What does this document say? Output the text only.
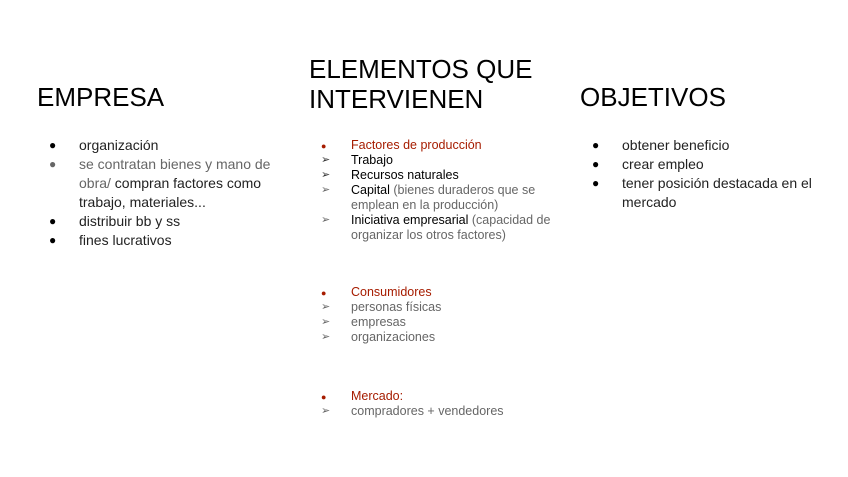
EMPRESA
● organización
● se contratan bienes y mano de obra/ compran factores como trabajo, materiales...
● distribuir bb y ss
● fines lucrativos
ELEMENTOS QUE
INTERVIENEN
● Factores de producción
➢ Trabajo
➢ Recursos naturales
➢ Capital (bienes duraderos que se emplean en la producción)
➢ Iniciativa empresarial (capacidad de organizar los otros factores)
● Consumidores
➢ personas físicas
➢ empresas
➢ organizaciones
● Mercado:
➢ compradores + vendedores
OBJETIVOS
● obtener beneficio
● crear empleo
● tener posición destacada en el mercado
